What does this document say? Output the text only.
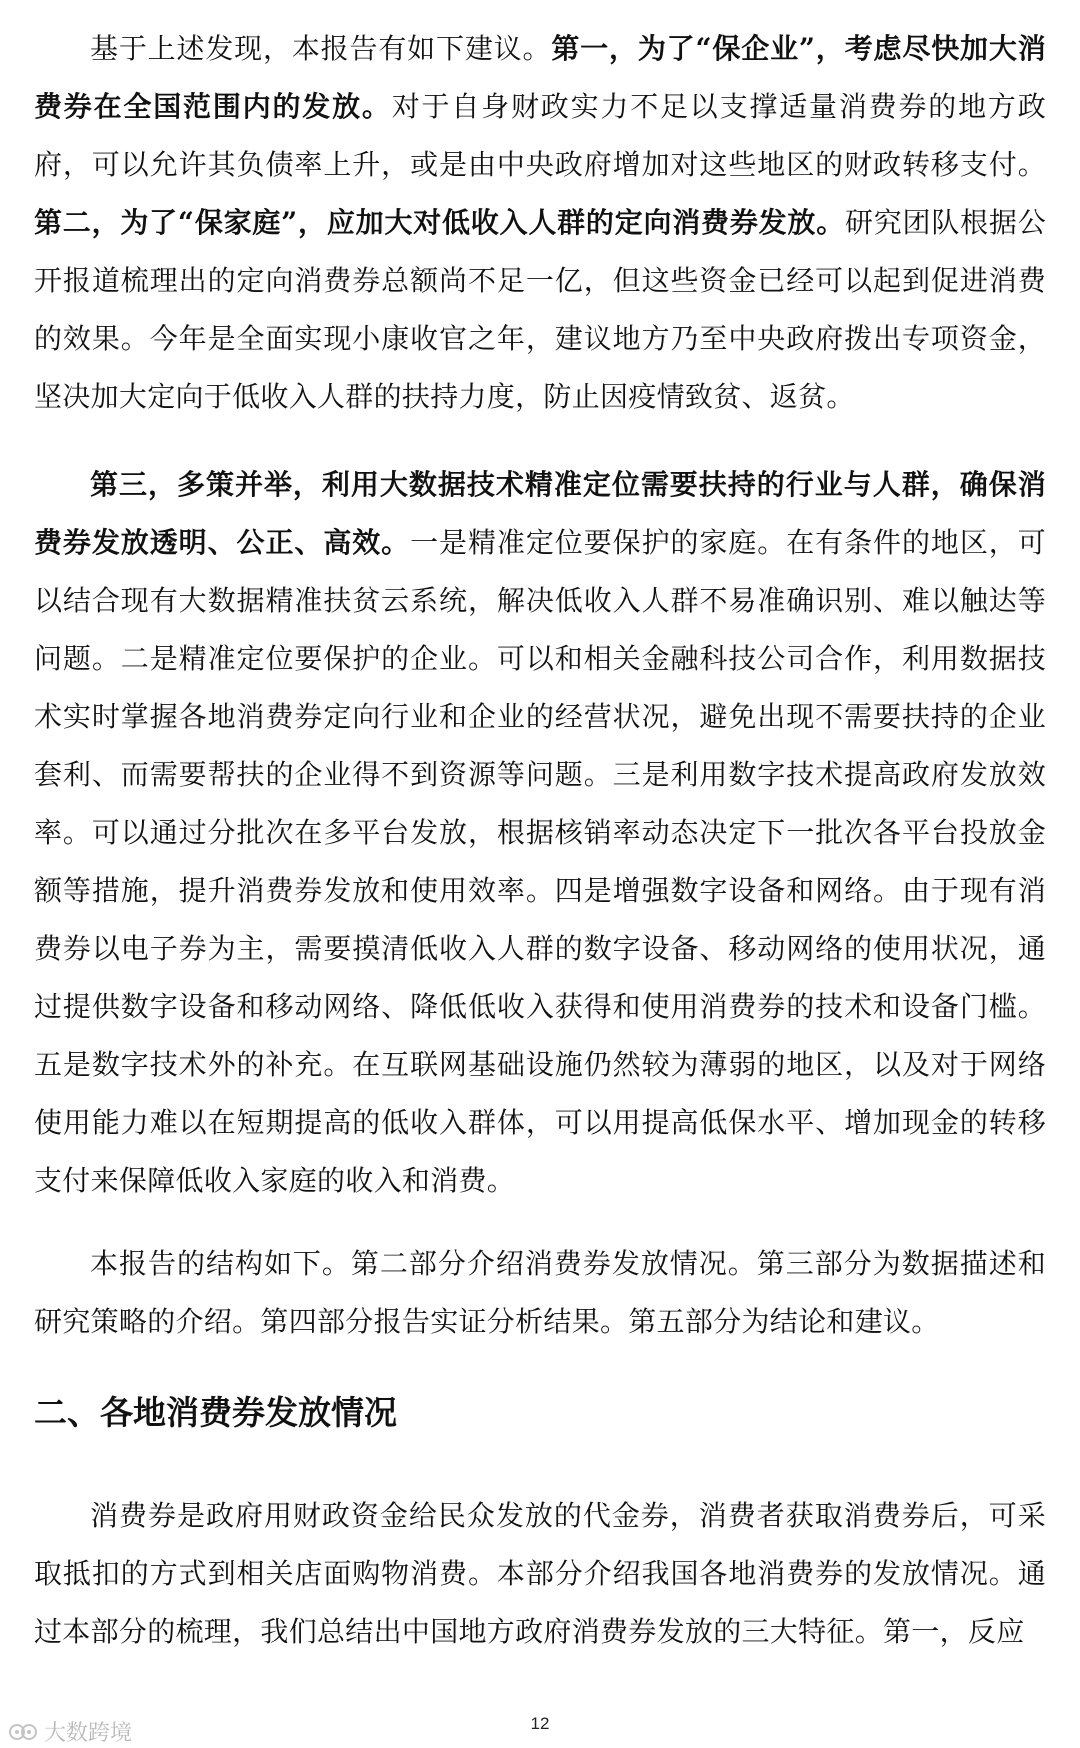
基于上述发现，本报告有如下建议。第一，为了“保企业”，考虑尽快加大消费券在全国范围内的发放。对于自身财政实力不足以支撑适量消费券的地方政府，可以允许其负债率上升，或是由中央政府增加对这些地区的财政转移支付。第二，为了“保家庭”，应加大对低收入人群的定向消费券发放。研究团队根据公开报道梳理出的定向消费券总额尚不足一亿，但这些资金已经可以起到促进消费的效果。今年是全面实现小康收官之年，建议地方乃至中央政府拨出专项资金，坚决加大定向于低收入人群的扶持力度，防止因疫情致贫、返贫。
第三，多策并举，利用大数据技术精准定位需要扶持的行业与人群，确保消费券发放透明、公正、高效。一是精准定位要保护的家庭。在有条件的地区，可以结合现有大数据精准扶贫云系统，解决低收入人群不易准确识别、难以触达等问题。二是精准定位要保护的企业。可以和相关金融科技公司合作，利用数据技术实时掌握各地消费券定向行业和企业的经营状况，避免出现不需要扶持的企业套利、而需要帮扶的企业得不到资源等问题。三是利用数字技术提高政府发放效率。可以通过分批次在多平台发放，根据核销率动态决定下一批次各平台投放金额等措施，提升消费券发放和使用效率。四是增强数字设备和网络。由于现有消费券以电子券为主，需要摸清低收入人群的数字设备、移动网络的使用状况，通过提供数字设备和移动网络、降低低收入获得和使用消费券的技术和设备门槛。五是数字技术外的补充。在互联网基础设施仍然较为薄弱的地区，以及对于网络使用能力难以在短期提高的低收入群体，可以用提高低保水平、增加现金的转移支付来保障低收入家庭的收入和消费。
本报告的结构如下。第二部分介绍消费券发放情况。第三部分为数据描述和研究策略的介绍。第四部分报告实证分析结果。第五部分为结论和建议。
二、各地消费券发放情况
消费券是政府用财政资金给民众发放的代金券，消费者获取消费券后，可采取抵扣的方式到相关店面购物消费。本部分介绍我国各地消费券的发放情况。通过本部分的梳理，我们总结出中国地方政府消费券发放的三大特征。第一，反应
12
大数跨境
